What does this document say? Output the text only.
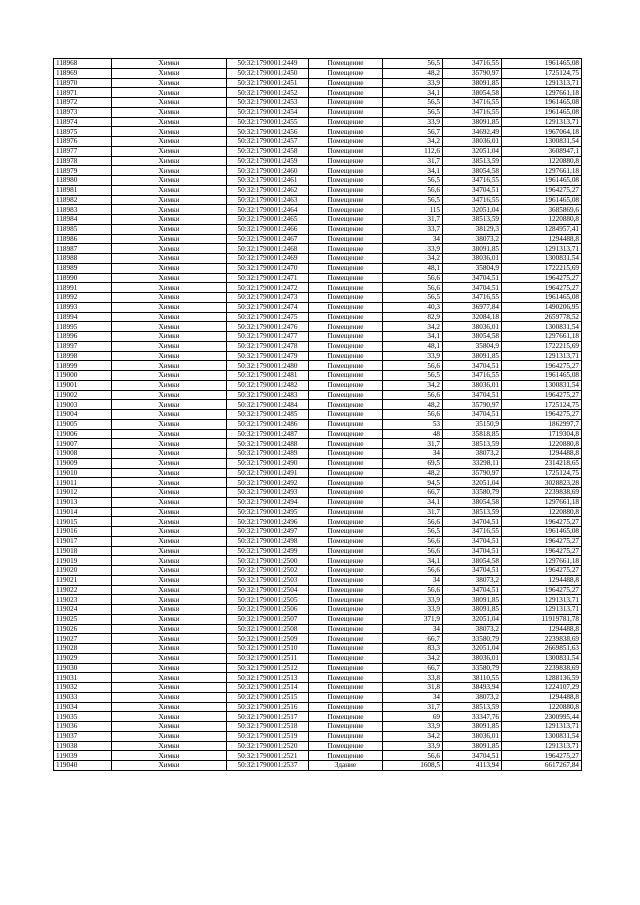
118968	Химки	50:32:1790001:2449	Помещение	56,5	34716,55	1961465,08
118969	Химки	50:32:1790001:2450	Помещение	48,2	35790,97	1725124,75
118970	Химки	50:32:1790001:2451	Помещение	33,9	38091,85	1291313,71
118971	Химки	50:32:1790001:2452	Помещение	34,1	38054,58	1297661,18
118972	Химки	50:32:1790001:2453	Помещение	56,5	34716,55	1961465,08
118973	Химки	50:32:1790001:2454	Помещение	56,5	34716,55	1961465,08
118974	Химки	50:32:1790001:2455	Помещение	33,9	38091,85	1291313,71
118975	Химки	50:32:1790001:2456	Помещение	56,7	34692,49	1967064,18
118976	Химки	50:32:1790001:2457	Помещение	34,2	38036,01	1300831,54
118977	Химки	50:32:1790001:2458	Помещение	112,6	32051,04	3608947,1
118978	Химки	50:32:1790001:2459	Помещение	31,7	38513,59	1220880,8
118979	Химки	50:32:1790001:2460	Помещение	34,1	38054,58	1297661,18
118980	Химки	50:32:1790001:2461	Помещение	56,5	34716,55	1961465,08
118981	Химки	50:32:1790001:2462	Помещение	56,6	34704,51	1964275,27
118982	Химки	50:32:1790001:2463	Помещение	56,5	34716,55	1961465,08
118983	Химки	50:32:1790001:2464	Помещение	115	32051,04	3685869,6
118984	Химки	50:32:1790001:2465	Помещение	31,7	38513,59	1220880,8
118985	Химки	50:32:1790001:2466	Помещение	33,7	38129,3	1284957,41
118986	Химки	50:32:1790001:2467	Помещение	34	38073,2	1294488,8
118987	Химки	50:32:1790001:2468	Помещение	33,9	38091,85	1291313,71
118988	Химки	50:32:1790001:2469	Помещение	34,2	38036,01	1300831,54
118989	Химки	50:32:1790001:2470	Помещение	48,1	35804,9	1722215,69
118990	Химки	50:32:1790001:2471	Помещение	56,6	34704,51	1964275,27
118991	Химки	50:32:1790001:2472	Помещение	56,6	34704,51	1964275,27
118992	Химки	50:32:1790001:2473	Помещение	56,5	34716,55	1961465,08
118993	Химки	50:32:1790001:2474	Помещение	40,3	36977,84	1490206,95
118994	Химки	50:32:1790001:2475	Помещение	82,9	32084,18	2659778,52
118995	Химки	50:32:1790001:2476	Помещение	34,2	38036,01	1300831,54
118996	Химки	50:32:1790001:2477	Помещение	34,1	38054,58	1297661,18
118997	Химки	50:32:1790001:2478	Помещение	48,1	35804,9	1722215,69
118998	Химки	50:32:1790001:2479	Помещение	33,9	38091,85	1291313,71
118999	Химки	50:32:1790001:2480	Помещение	56,6	34704,51	1964275,27
119000	Химки	50:32:1790001:2481	Помещение	56,5	34716,55	1961465,08
119001	Химки	50:32:1790001:2482	Помещение	34,2	38036,01	1300831,54
119002	Химки	50:32:1790001:2483	Помещение	56,6	34704,51	1964275,27
119003	Химки	50:32:1790001:2484	Помещение	48,2	35790,97	1725124,75
119004	Химки	50:32:1790001:2485	Помещение	56,6	34704,51	1964275,27
119005	Химки	50:32:1790001:2486	Помещение	53	35150,9	1862997,7
119006	Химки	50:32:1790001:2487	Помещение	48	35818,85	1719304,8
119007	Химки	50:32:1790001:2488	Помещение	31,7	38513,59	1220880,8
119008	Химки	50:32:1790001:2489	Помещение	34	38073,2	1294488,8
119009	Химки	50:32:1790001:2490	Помещение	69,5	33298,11	2314218,65
119010	Химки	50:32:1790001:2491	Помещение	48,2	35790,97	1725124,75
119011	Химки	50:32:1790001:2492	Помещение	94,5	32051,04	3028823,28
119012	Химки	50:32:1790001:2493	Помещение	66,7	33580,79	2239838,69
119013	Химки	50:32:1790001:2494	Помещение	34,1	38054,58	1297661,18
119014	Химки	50:32:1790001:2495	Помещение	31,7	38513,59	1220880,8
119015	Химки	50:32:1790001:2496	Помещение	56,6	34704,51	1964275,27
119016	Химки	50:32:1790001:2497	Помещение	56,5	34716,55	1961465,08
119017	Химки	50:32:1790001:2498	Помещение	56,6	34704,51	1964275,27
119018	Химки	50:32:1790001:2499	Помещение	56,6	34704,51	1964275,27
119019	Химки	50:32:1790001:2500	Помещение	34,1	38054,58	1297661,18
119020	Химки	50:32:1790001:2502	Помещение	56,6	34704,51	1964275,27
119021	Химки	50:32:1790001:2503	Помещение	34	38073,2	1294488,8
119022	Химки	50:32:1790001:2504	Помещение	56,6	34704,51	1964275,27
119023	Химки	50:32:1790001:2505	Помещение	33,9	38091,85	1291313,71
119024	Химки	50:32:1790001:2506	Помещение	33,9	38091,85	1291313,71
119025	Химки	50:32:1790001:2507	Помещение	371,9	32051,04	11919781,78
119026	Химки	50:32:1790001:2508	Помещение	34	38073,2	1294488,8
119027	Химки	50:32:1790001:2509	Помещение	66,7	33580,79	2239838,69
119028	Химки	50:32:1790001:2510	Помещение	83,3	32051,04	2669851,63
119029	Химки	50:32:1790001:2511	Помещение	34,2	38036,01	1300831,54
119030	Химки	50:32:1790001:2512	Помещение	66,7	33580,79	2239838,69
119031	Химки	50:32:1790001:2513	Помещение	33,8	38110,55	1288136,59
119032	Химки	50:32:1790001:2514	Помещение	31,8	38493,94	1224107,29
119033	Химки	50:32:1790001:2515	Помещение	34	38073,2	1294488,8
119034	Химки	50:32:1790001:2516	Помещение	31,7	38513,59	1220880,8
119035	Химки	50:32:1790001:2517	Помещение	69	33347,76	2300995,44
119036	Химки	50:32:1790001:2518	Помещение	33,9	38091,85	1291313,71
119037	Химки	50:32:1790001:2519	Помещение	34,2	38036,01	1300831,54
119038	Химки	50:32:1790001:2520	Помещение	33,9	38091,85	1291313,71
119039	Химки	50:32:1790001:2521	Помещение	56,6	34704,51	1964275,27
119040	Химки	50:32:1790001:2537	Здание	1608,5	4113,94	6617267,84
